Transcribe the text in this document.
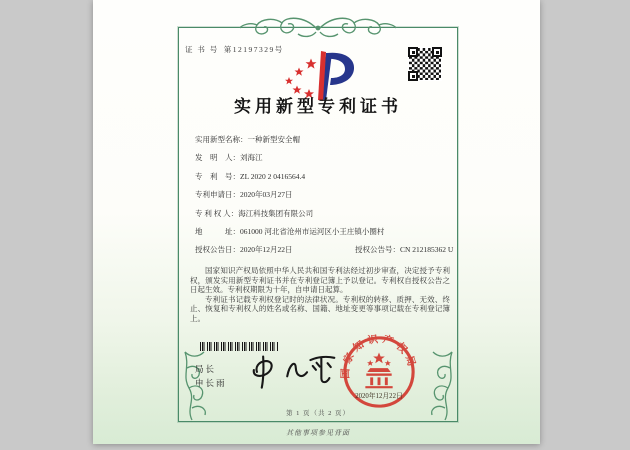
证 书 号 第12197329号
实用新型专利证书
实用新型名称：一种新型安全帽
发　明　人：刘海江
专　利　号：ZL 2020 2 0416564.4
专利申请日：2020年03月27日
专 利 权 人：海江科技集团有限公司
地　　　址：061000 河北省沧州市运河区小王庄镇小圈村
授权公告日：2020年12月22日	授权公告号：CN 212185362 U

国家知识产权局依照中华人民共和国专利法经过初步审查，决定授予专利权，颁发实用新型专利证书并在专利登记簿上予以登记。专利权自授权公告之日起生效。专利权期限为十年，自申请日起算。

专利证书记载专利权登记时的法律状况。专利权的转移、质押、无效、终止、恢复和专利权人的姓名或名称、国籍、地址变更等事项记载在专利登记簿上。

局长
申长雨
国家知识产权局
2020年12月22日
第 1 页（共 2 页）
其他事项参见背面
